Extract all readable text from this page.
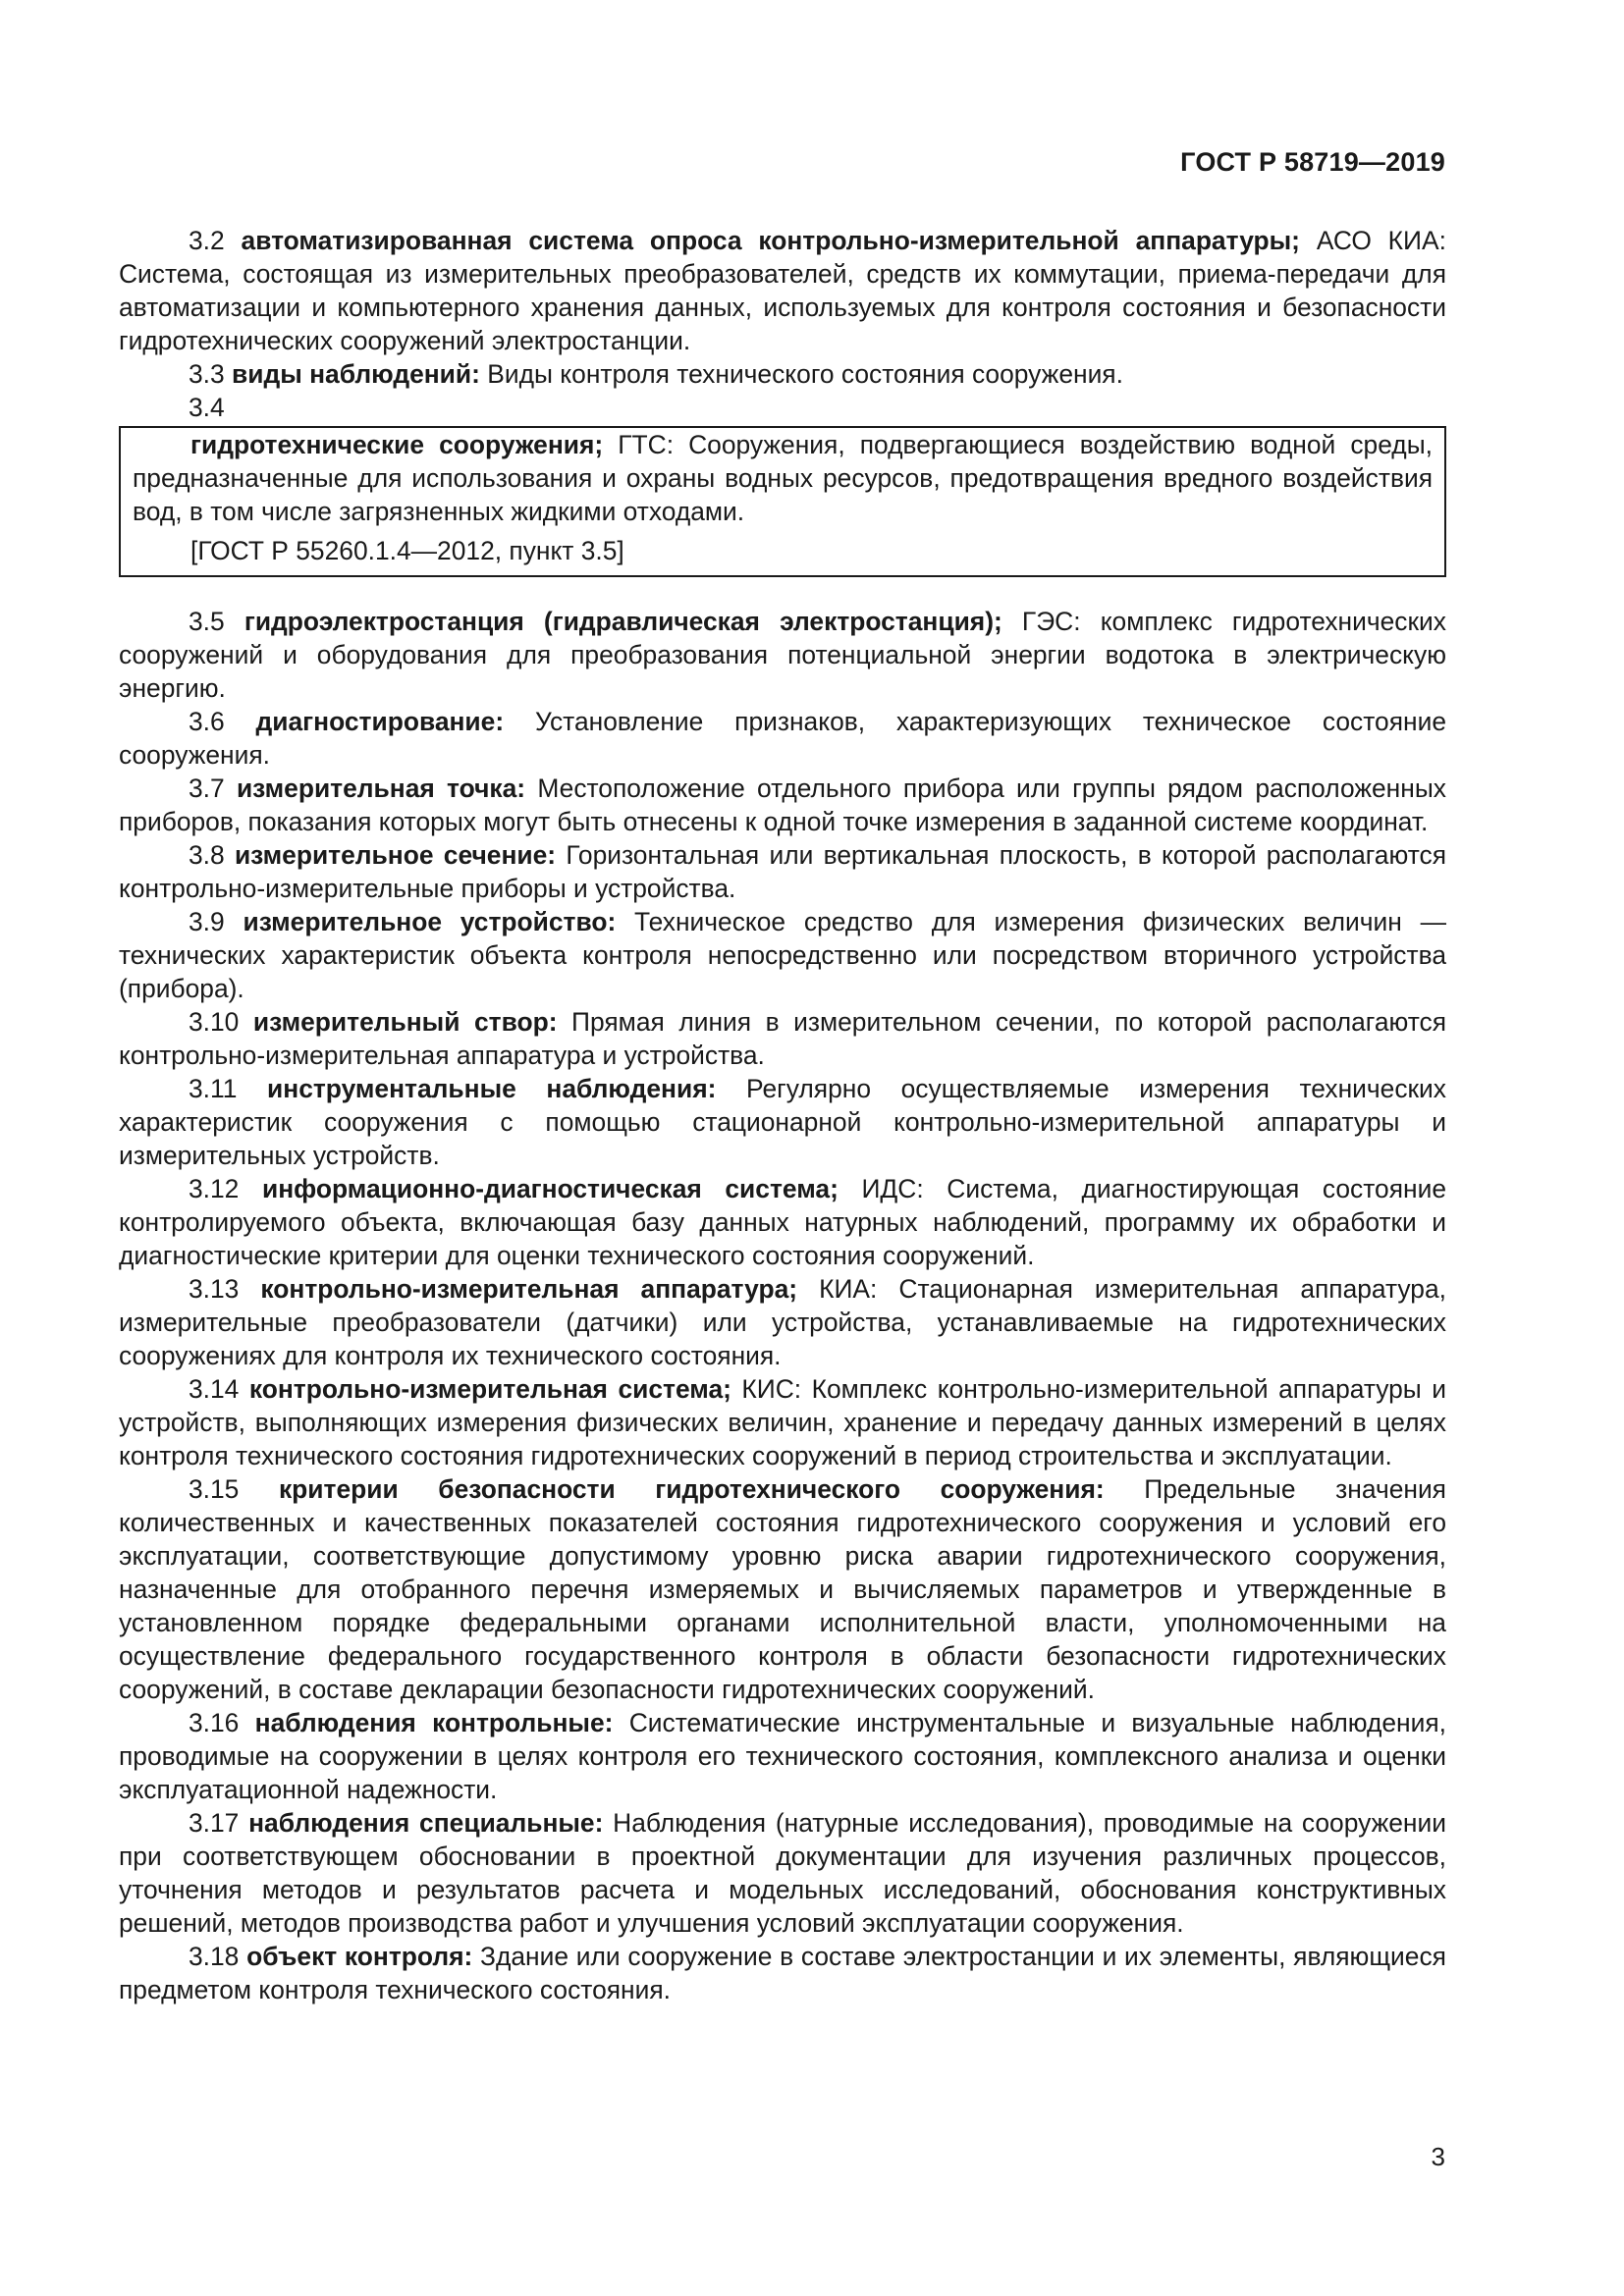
ГОСТ Р 58719—2019

3.2 автоматизированная система опроса контрольно-измерительной аппаратуры; АСО КИА: Система, состоящая из измерительных преобразователей, средств их коммутации, приема-передачи для автоматизации и компьютерного хранения данных, используемых для контроля состояния и безопасности гидротехнических сооружений электростанции.

3.3 виды наблюдений: Виды контроля технического состояния сооружения.

3.4

гидротехнические сооружения; ГТС: Сооружения, подвергающиеся воздействию водной среды, предназначенные для использования и охраны водных ресурсов, предотвращения вредного воздействия вод, в том числе загрязненных жидкими отходами.

[ГОСТ Р 55260.1.4—2012, пункт 3.5]

3.5 гидроэлектростанция (гидравлическая электростанция); ГЭС: комплекс гидротехнических сооружений и оборудования для преобразования потенциальной энергии водотока в электрическую энергию.

3.6 диагностирование: Установление признаков, характеризующих техническое состояние сооружения.

3.7 измерительная точка: Местоположение отдельного прибора или группы рядом расположенных приборов, показания которых могут быть отнесены к одной точке измерения в заданной системе координат.

3.8 измерительное сечение: Горизонтальная или вертикальная плоскость, в которой располагаются контрольно-измерительные приборы и устройства.

3.9 измерительное устройство: Техническое средство для измерения физических величин — технических характеристик объекта контроля непосредственно или посредством вторичного устройства (прибора).

3.10 измерительный створ: Прямая линия в измерительном сечении, по которой располагаются контрольно-измерительная аппаратура и устройства.

3.11 инструментальные наблюдения: Регулярно осуществляемые измерения технических характеристик сооружения с помощью стационарной контрольно-измерительной аппаратуры и измерительных устройств.

3.12 информационно-диагностическая система; ИДС: Система, диагностирующая состояние контролируемого объекта, включающая базу данных натурных наблюдений, программу их обработки и диагностические критерии для оценки технического состояния сооружений.

3.13 контрольно-измерительная аппаратура; КИА: Стационарная измерительная аппаратура, измерительные преобразователи (датчики) или устройства, устанавливаемые на гидротехнических сооружениях для контроля их технического состояния.

3.14 контрольно-измерительная система; КИС: Комплекс контрольно-измерительной аппаратуры и устройств, выполняющих измерения физических величин, хранение и передачу данных измерений в целях контроля технического состояния гидротехнических сооружений в период строительства и эксплуатации.

3.15 критерии безопасности гидротехнического сооружения: Предельные значения количественных и качественных показателей состояния гидротехнического сооружения и условий его эксплуатации, соответствующие допустимому уровню риска аварии гидротехнического сооружения, назначенные для отобранного перечня измеряемых и вычисляемых параметров и утвержденные в установленном порядке федеральными органами исполнительной власти, уполномоченными на осуществление федерального государственного контроля в области безопасности гидротехнических сооружений, в составе декларации безопасности гидротехнических сооружений.

3.16 наблюдения контрольные: Систематические инструментальные и визуальные наблюдения, проводимые на сооружении в целях контроля его технического состояния, комплексного анализа и оценки эксплуатационной надежности.

3.17 наблюдения специальные: Наблюдения (натурные исследования), проводимые на сооружении при соответствующем обосновании в проектной документации для изучения различных процессов, уточнения методов и результатов расчета и модельных исследований, обоснования конструктивных решений, методов производства работ и улучшения условий эксплуатации сооружения.

3.18 объект контроля: Здание или сооружение в составе электростанции и их элементы, являющиеся предметом контроля технического состояния.

3
